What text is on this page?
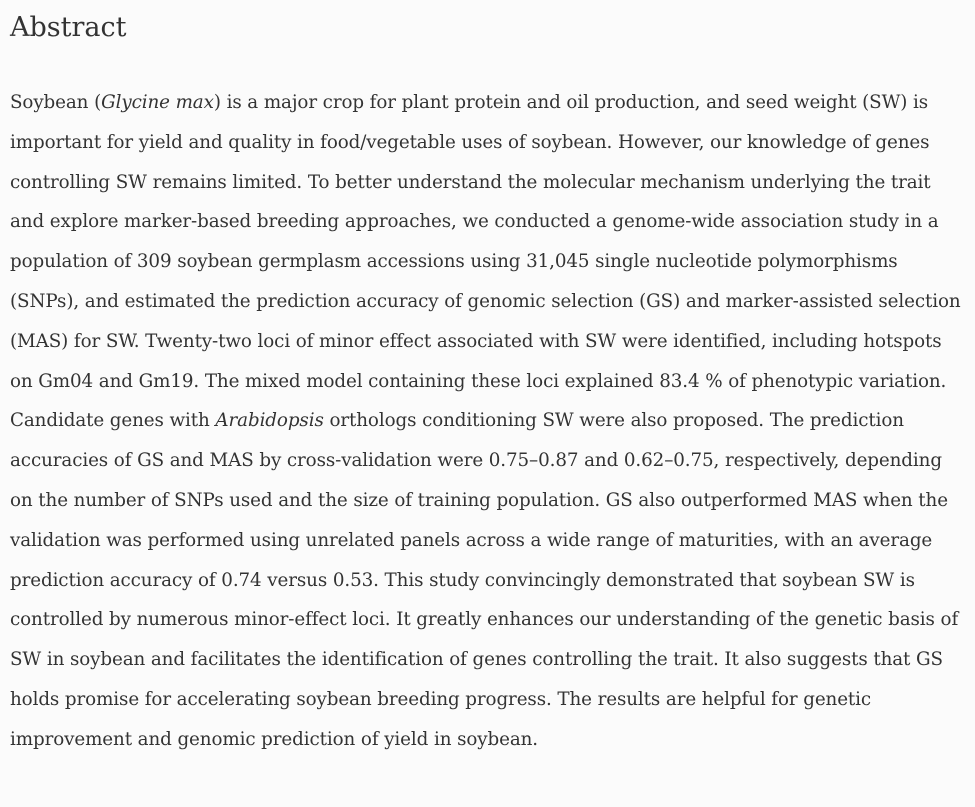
Abstract

Soybean (Glycine max) is a major crop for plant protein and oil production, and seed weight (SW) is important for yield and quality in food/vegetable uses of soybean. However, our knowledge of genes controlling SW remains limited. To better understand the molecular mechanism underlying the trait and explore marker-based breeding approaches, we conducted a genome-wide association study in a population of 309 soybean germplasm accessions using 31,045 single nucleotide polymorphisms (SNPs), and estimated the prediction accuracy of genomic selection (GS) and marker-assisted selection (MAS) for SW. Twenty-two loci of minor effect associated with SW were identified, including hotspots on Gm04 and Gm19. The mixed model containing these loci explained 83.4 % of phenotypic variation. Candidate genes with Arabidopsis orthologs conditioning SW were also proposed. The prediction accuracies of GS and MAS by cross-validation were 0.75–0.87 and 0.62–0.75, respectively, depending on the number of SNPs used and the size of training population. GS also outperformed MAS when the validation was performed using unrelated panels across a wide range of maturities, with an average prediction accuracy of 0.74 versus 0.53. This study convincingly demonstrated that soybean SW is controlled by numerous minor-effect loci. It greatly enhances our understanding of the genetic basis of SW in soybean and facilitates the identification of genes controlling the trait. It also suggests that GS holds promise for accelerating soybean breeding progress. The results are helpful for genetic improvement and genomic prediction of yield in soybean.
